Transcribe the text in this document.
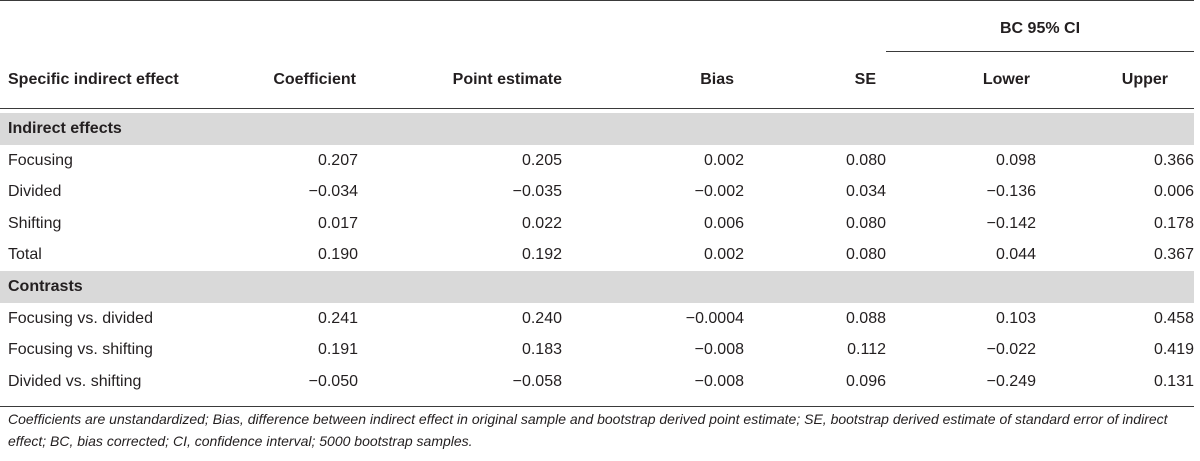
					BC 95% CI	
Specific indirect effect	Coefficient	Point estimate	Bias	SE	Lower	Upper

Indirect effects						
Focusing	0.207	0.205	0.002	0.080	0.098	0.366
Divided	−0.034	−0.035	−0.002	0.034	−0.136	0.006
Shifting	0.017	0.022	0.006	0.080	−0.142	0.178
Total	0.190	0.192	0.002	0.080	0.044	0.367
Contrasts						
Focusing vs. divided	0.241	0.240	−0.0004	0.088	0.103	0.458
Focusing vs. shifting	0.191	0.183	−0.008	0.112	−0.022	0.419
Divided vs. shifting	−0.050	−0.058	−0.008	0.096	−0.249	0.131

Coefficients are unstandardized; Bias, difference between indirect effect in original sample and bootstrap derived point estimate; SE, bootstrap derived estimate of standard error of indirect effect; BC, bias corrected; CI, confidence interval; 5000 bootstrap samples.
